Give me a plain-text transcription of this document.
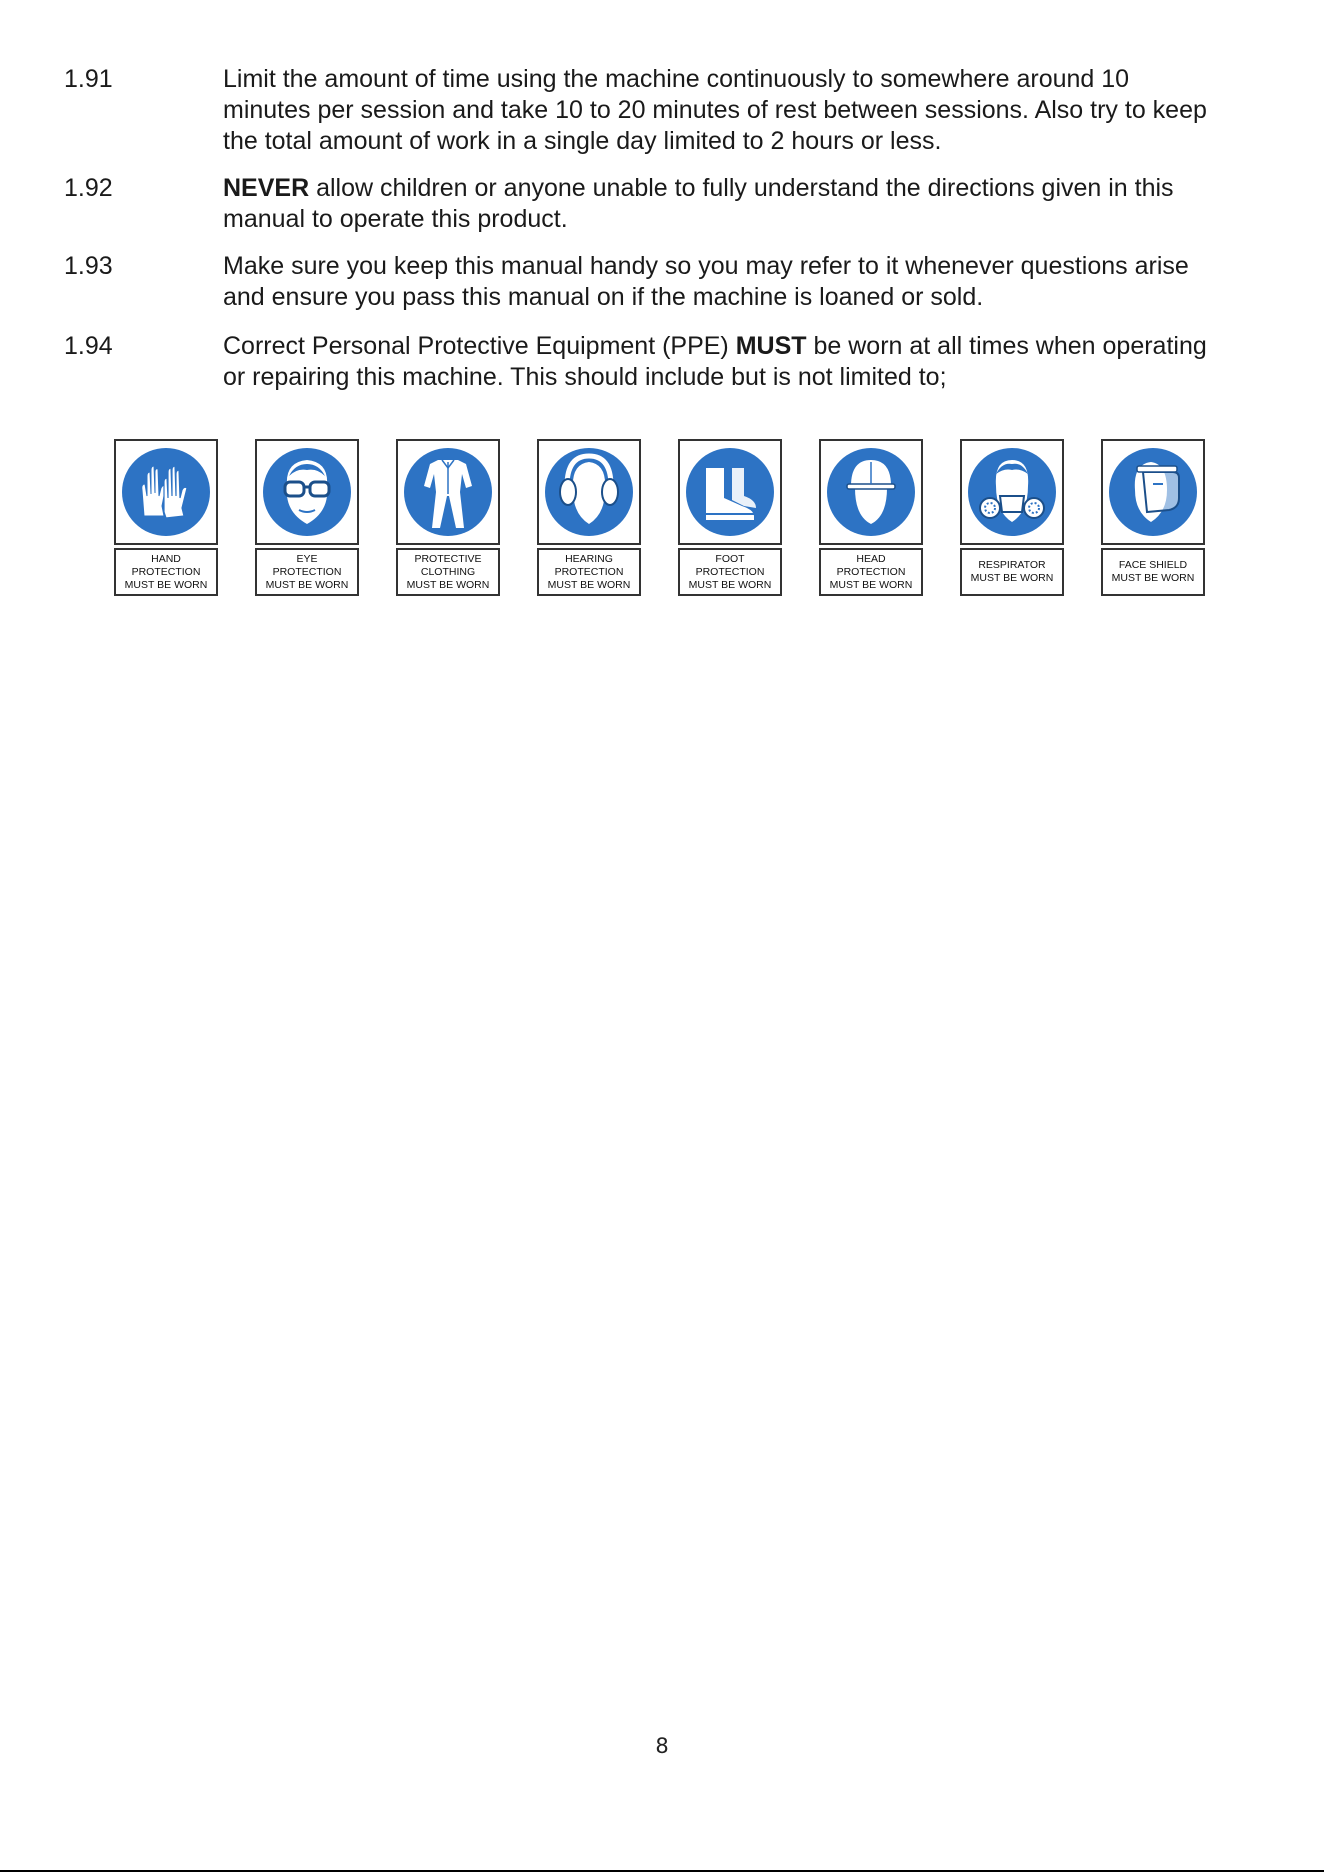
1.91	Limit the amount of time using the machine continuously to somewhere around 10 minutes per session and take 10 to 20 minutes of rest between sessions. Also try to keep the total amount of work in a single day limited to 2 hours or less.

1.92	NEVER allow children or anyone unable to fully understand the directions given in this manual to operate this product.

1.93	Make sure you keep this manual handy so you may refer to it whenever questions arise and ensure you pass this manual on if the machine is loaned or sold.

1.94	Correct Personal Protective Equipment (PPE) MUST be worn at all times when operating or repairing this machine. This should include but is not limited to;

HAND
PROTECTION
MUST BE WORN
EYE
PROTECTION
MUST BE WORN
PROTECTIVE
CLOTHING
MUST BE WORN
HEARING
PROTECTION
MUST BE WORN
FOOT
PROTECTION
MUST BE WORN
HEAD
PROTECTION
MUST BE WORN
RESPIRATOR
MUST BE WORN
FACE SHIELD
MUST BE WORN
8
